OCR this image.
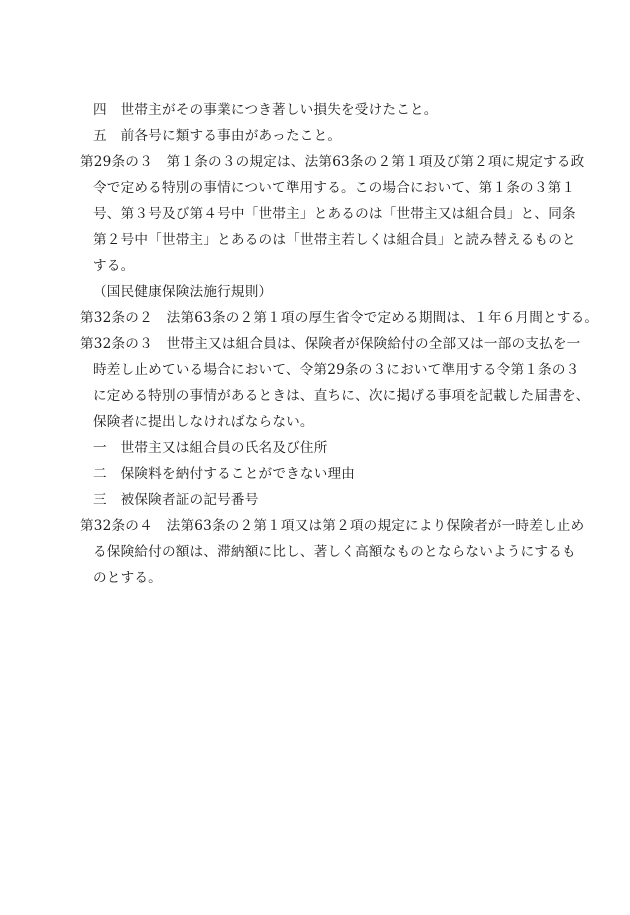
四　世帯主がその事業につき著しい損失を受けたこと。
五　前各号に類する事由があったこと。
第29条の３　第１条の３の規定は、法第63条の２第１項及び第２項に規定する政
令で定める特別の事情について準用する。この場合において、第１条の３第１
号、第３号及び第４号中「世帯主」とあるのは「世帯主又は組合員」と、同条
第２号中「世帯主」とあるのは「世帯主若しくは組合員」と読み替えるものと
する。
（国民健康保険法施行規則）
第32条の２　法第63条の２第１項の厚生省令で定める期間は、１年６月間とする。
第32条の３　世帯主又は組合員は、保険者が保険給付の全部又は一部の支払を一
時差し止めている場合において、令第29条の３において準用する令第１条の３
に定める特別の事情があるときは、直ちに、次に掲げる事項を記載した届書を、
保険者に提出しなければならない。
一　世帯主又は組合員の氏名及び住所
二　保険料を納付することができない理由
三　被保険者証の記号番号
第32条の４　法第63条の２第１項又は第２項の規定により保険者が一時差し止め
る保険給付の額は、滞納額に比し、著しく高額なものとならないようにするも
のとする。
